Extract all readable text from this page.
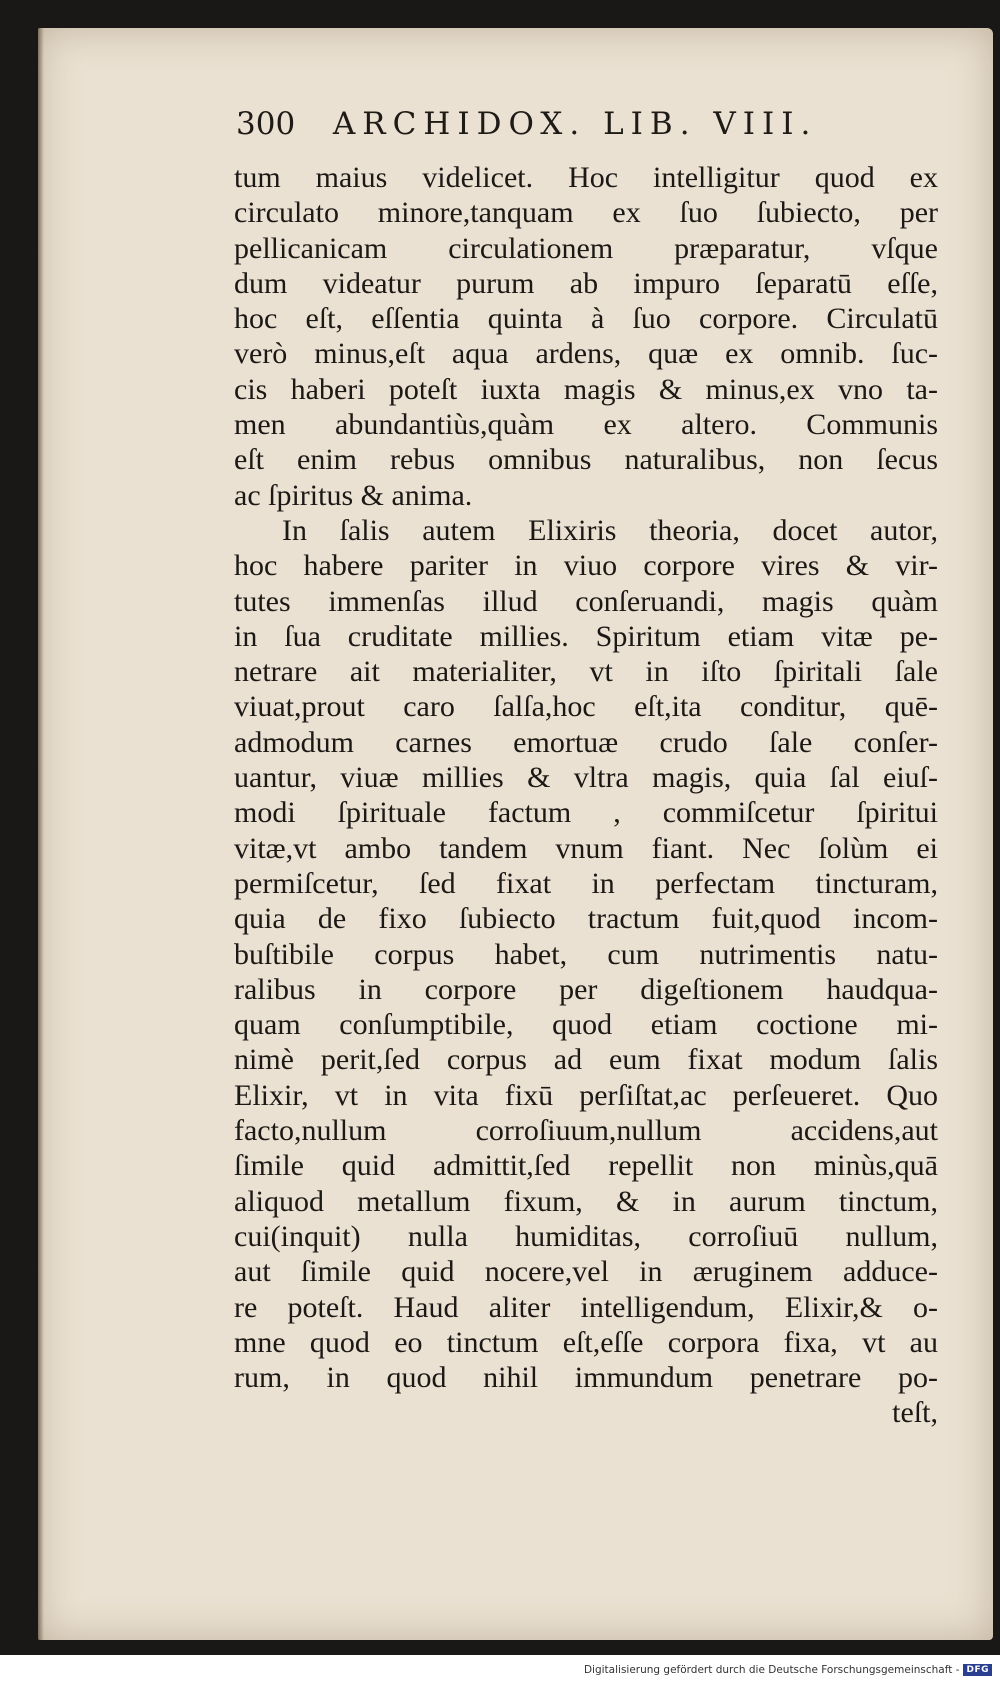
300 ARCHIDOX. LIB. VIII.
tum maius videlicet. Hoc intelligitur quod ex
circulato minore,tanquam ex ſuo ſubiecto, per
pellicanicam circulationem præparatur, vſque
dum videatur purum ab impuro ſeparatū eſſe,
hoc eſt, eſſentia quinta à ſuo corpore. Circulatū
verò minus,eſt aqua ardens, quæ ex omnib. ſuc-
cis haberi poteſt iuxta magis & minus,ex vno ta-
men abundantiùs,quàm ex altero. Communis
eſt enim rebus omnibus naturalibus, non ſecus
ac ſpiritus & anima.
In ſalis autem Elixiris theoria, docet autor,
hoc habere pariter in viuo corpore vires & vir-
tutes immenſas illud conſeruandi, magis quàm
in ſua cruditate millies. Spiritum etiam vitæ pe-
netrare ait materialiter, vt in iſto ſpiritali ſale
viuat,prout caro ſalſa,hoc eſt,ita conditur, quē-
admodum carnes emortuæ crudo ſale conſer-
uantur, viuæ millies & vltra magis, quia ſal eiuſ-
modi ſpirituale factum , commiſcetur ſpiritui
vitæ,vt ambo tandem vnum fiant. Nec ſolùm ei
permiſcetur, ſed fixat in perfectam tincturam,
quia de fixo ſubiecto tractum fuit,quod incom-
buſtibile corpus habet, cum nutrimentis natu-
ralibus in corpore per digeſtionem haudqua-
quam conſumptibile, quod etiam coctione mi-
nimè perit,ſed corpus ad eum fixat modum ſalis
Elixir, vt in vita fixū perſiſtat,ac perſeueret. Quo
facto,nullum corroſiuum,nullum accidens,aut
ſimile quid admittit,ſed repellit non minùs,quā
aliquod metallum fixum, & in aurum tinctum,
cui(inquit) nulla humiditas, corroſiuū nullum,
aut ſimile quid nocere,vel in æruginem adduce-
re poteſt. Haud aliter intelligendum, Elixir,& o-
mne quod eo tinctum eſt,eſſe corpora fixa, vt au
rum, in quod nihil immundum penetrare po-
teſt,
Digitalisierung gefördert durch die Deutsche Forschungsgemeinschaft - DFG
